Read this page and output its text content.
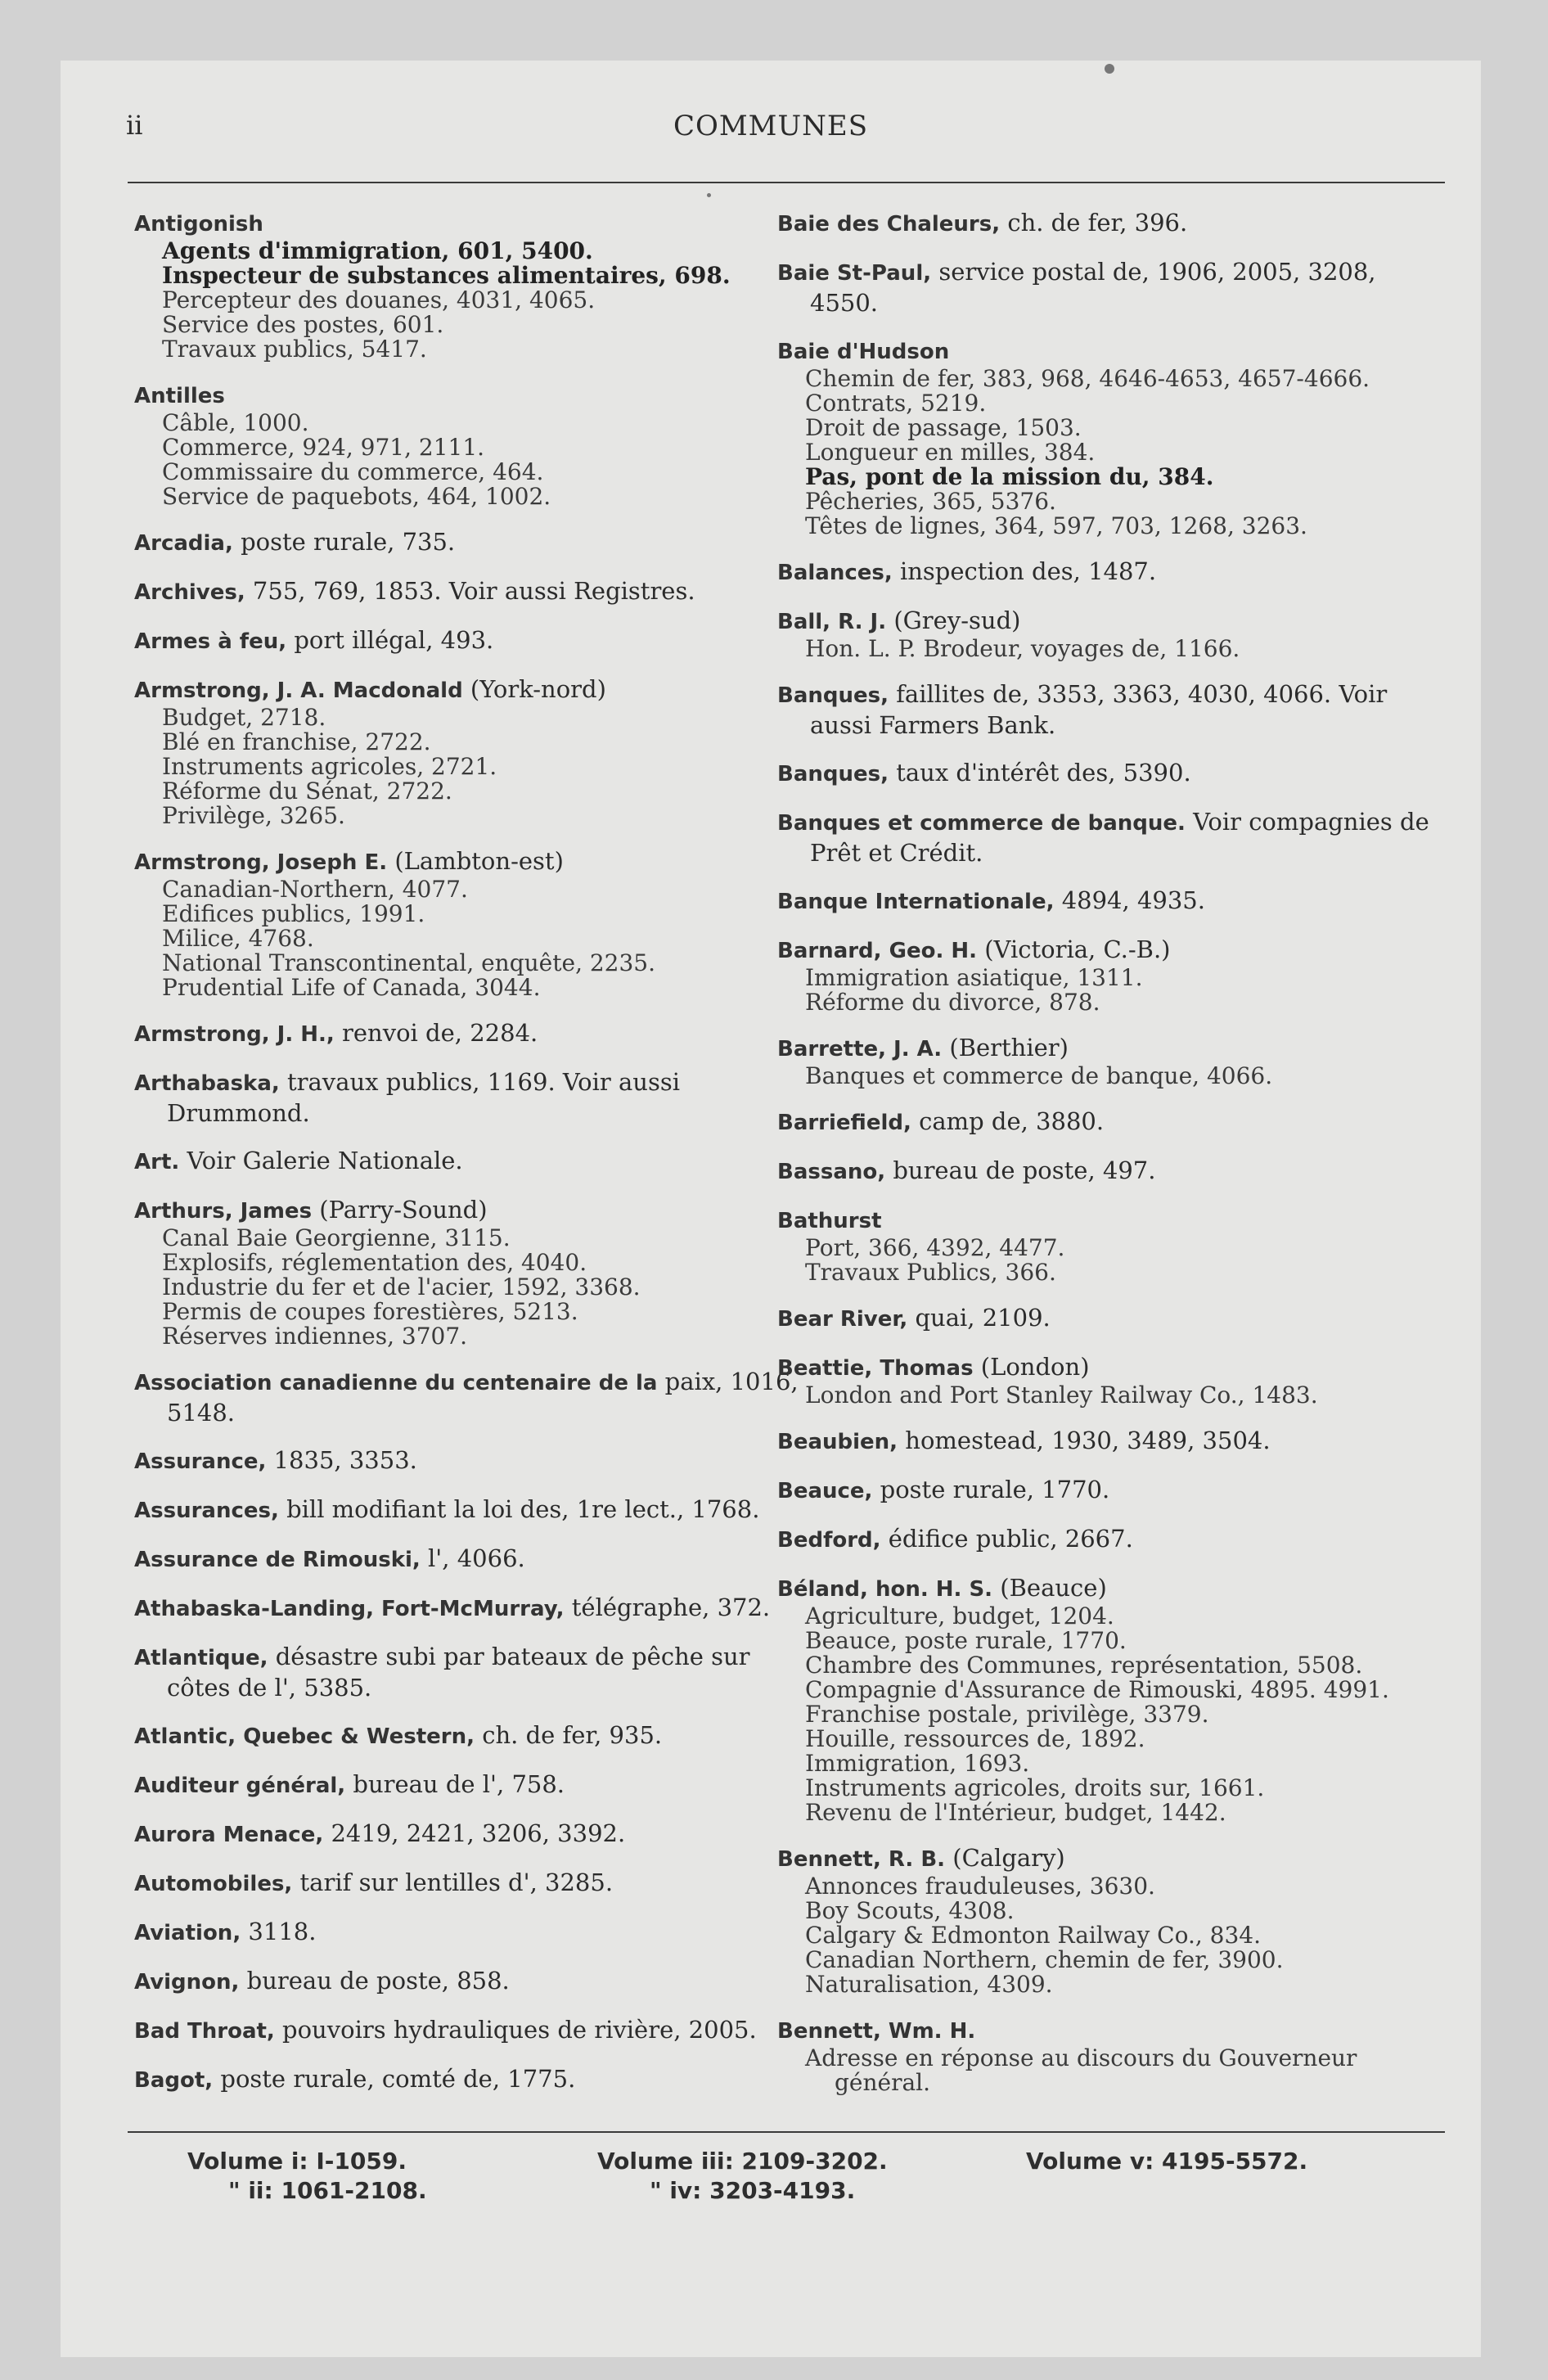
ii	COMMUNES
Antigonish
Agents d'immigration, 601, 5400.
Inspecteur de substances alimentaires, 698.
Percepteur des douanes, 4031, 4065.
Service des postes, 601.
Travaux publics, 5417.
Antilles
Câble, 1000.
Commerce, 924, 971, 2111.
Commissaire du commerce, 464.
Service de paquebots, 464, 1002.
Arcadia, poste rurale, 735.
Archives, 755, 769, 1853. Voir aussi Registres.
Armes à feu, port illégal, 493.
Armstrong, J. A. Macdonald (York-nord)
Budget, 2718.
Blé en franchise, 2722.
Instruments agricoles, 2721.
Réforme du Sénat, 2722.
Privilège, 3265.
Armstrong, Joseph E. (Lambton-est)
Canadian-Northern, 4077.
Edifices publics, 1991.
Milice, 4768.
National Transcontinental, enquête, 2235.
Prudential Life of Canada, 3044.
Armstrong, J. H., renvoi de, 2284.
Arthabaska, travaux publics, 1169. Voir aussi Drummond.
Art. Voir Galerie Nationale.
Arthurs, James (Parry-Sound)
Canal Baie Georgienne, 3115.
Explosifs, réglementation des, 4040.
Industrie du fer et de l'acier, 1592, 3368.
Permis de coupes forestières, 5213.
Réserves indiennes, 3707.
Association canadienne du centenaire de la paix, 1016, 5148.
Assurance, 1835, 3353.
Assurances, bill modifiant la loi des, 1re lect., 1768.
Assurance de Rimouski, l', 4066.
Athabaska-Landing, Fort-McMurray, télégraphe, 372.
Atlantique, désastre subi par bateaux de pêche sur côtes de l', 5385.
Atlantic, Quebec & Western, ch. de fer, 935.
Auditeur général, bureau de l', 758.
Aurora Menace, 2419, 2421, 3206, 3392.
Automobiles, tarif sur lentilles d', 3285.
Aviation, 3118.
Avignon, bureau de poste, 858.
Bad Throat, pouvoirs hydrauliques de rivière, 2005.
Bagot, poste rurale, comté de, 1775.
Baie des Chaleurs, ch. de fer, 396.
Baie St-Paul, service postal de, 1906, 2005, 3208, 4550.
Baie d'Hudson
Chemin de fer, 383, 968, 4646-4653, 4657-4666.
Contrats, 5219.
Droit de passage, 1503.
Longueur en milles, 384.
Pas, pont de la mission du, 384.
Pêcheries, 365, 5376.
Têtes de lignes, 364, 597, 703, 1268, 3263.
Balances, inspection des, 1487.
Ball, R. J. (Grey-sud)
Hon. L. P. Brodeur, voyages de, 1166.
Banques, faillites de, 3353, 3363, 4030, 4066. Voir aussi Farmers Bank.
Banques, taux d'intérêt des, 5390.
Banques et commerce de banque. Voir compagnies de Prêt et Crédit.
Banque Internationale, 4894, 4935.
Barnard, Geo. H. (Victoria, C.-B.)
Immigration asiatique, 1311.
Réforme du divorce, 878.
Barrette, J. A. (Berthier)
Banques et commerce de banque, 4066.
Barriefield, camp de, 3880.
Bassano, bureau de poste, 497.
Bathurst
Port, 366, 4392, 4477.
Travaux Publics, 366.
Bear River, quai, 2109.
Beattie, Thomas (London)
London and Port Stanley Railway Co., 1483.
Beaubien, homestead, 1930, 3489, 3504.
Beauce, poste rurale, 1770.
Bedford, édifice public, 2667.
Béland, hon. H. S. (Beauce)
Agriculture, budget, 1204.
Beauce, poste rurale, 1770.
Chambre des Communes, représentation, 5508.
Compagnie d'Assurance de Rimouski, 4895. 4991.
Franchise postale, privilège, 3379.
Houille, ressources de, 1892.
Immigration, 1693.
Instruments agricoles, droits sur, 1661.
Revenu de l'Intérieur, budget, 1442.
Bennett, R. B. (Calgary)
Annonces frauduleuses, 3630.
Boy Scouts, 4308.
Calgary & Edmonton Railway Co., 834.
Canadian Northern, chemin de fer, 3900.
Naturalisation, 4309.
Bennett, Wm. H.
Adresse en réponse au discours du Gouverneur général.
Volume i: I-1059.
" ii: 1061-2108.
Volume iii: 2109-3202.
" iv: 3203-4193.
Volume v: 4195-5572.
